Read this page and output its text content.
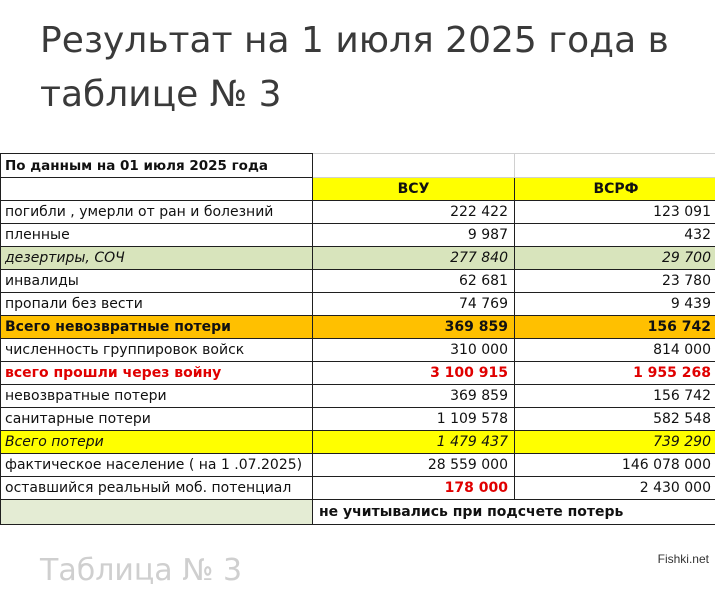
Результат на 1 июля 2025 года в таблице № 3
По данным на 01 июля 2025 года		
	ВСУ	ВСРФ
погибли , умерли от ран и болезний	222 422	123 091
пленные	9 987	432
дезертиры, СОЧ	277 840	29 700
инвалиды	62 681	23 780
пропали без вести	74 769	9 439
Всего невозвратные потери	369 859	156 742
численность группировок войск	310 000	814 000
всего прошли через войну	3 100 915	1 955 268
невозвратные потери	369 859	156 742
санитарные потери	1 109 578	582 548
Всего потери	1 479 437	739 290
фактическое население ( на 1 .07.2025)	28 559 000	146 078 000
оставшийся реальный моб. потенциал	178 000	2 430 000
	не учитывались при подсчете потерь	
Таблица № 3	Fishki.net
